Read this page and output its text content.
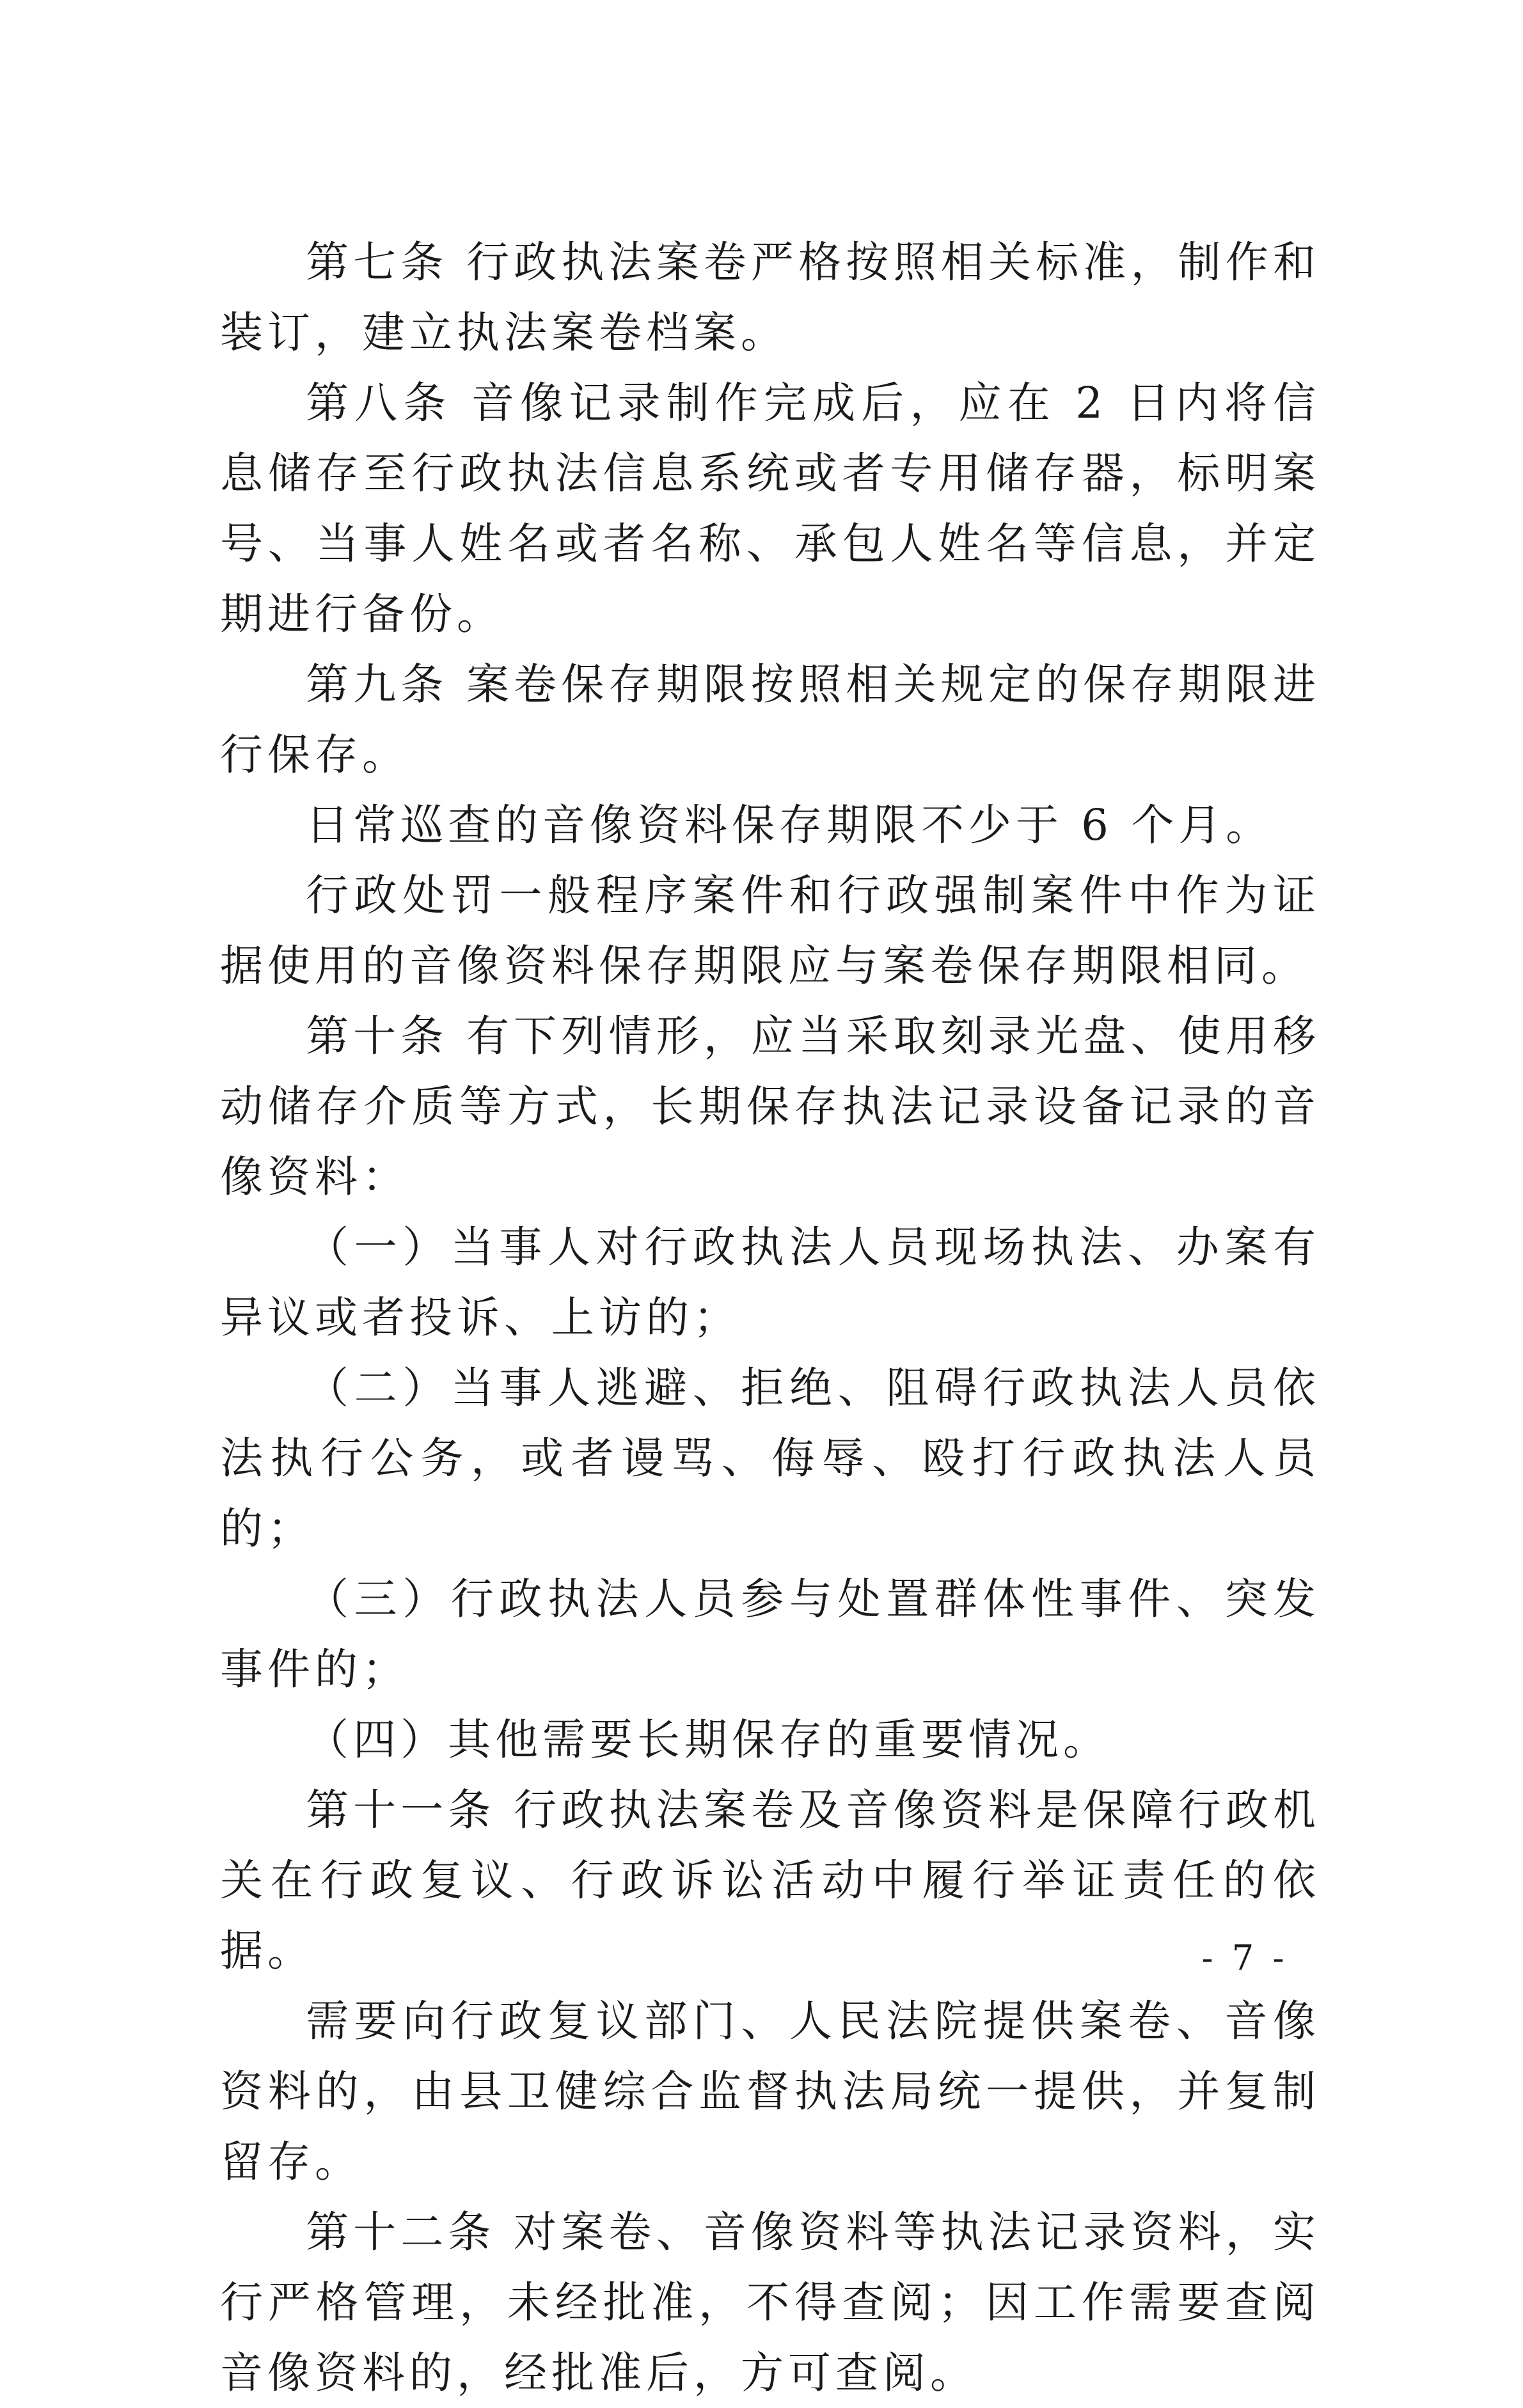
第七条 行政执法案卷严格按照相关标准，制作和装订，建立执法案卷档案。

第八条 音像记录制作完成后，应在 2 日内将信息储存至行政执法信息系统或者专用储存器，标明案号、当事人姓名或者名称、承包人姓名等信息，并定期进行备份。

第九条 案卷保存期限按照相关规定的保存期限进行保存。

日常巡查的音像资料保存期限不少于 6 个月。

行政处罚一般程序案件和行政强制案件中作为证据使用的音像资料保存期限应与案卷保存期限相同。

第十条 有下列情形，应当采取刻录光盘、使用移动储存介质等方式，长期保存执法记录设备记录的音像资料：

（一）当事人对行政执法人员现场执法、办案有异议或者投诉、上访的；

（二）当事人逃避、拒绝、阻碍行政执法人员依法执行公务，或者谩骂、侮辱、殴打行政执法人员的；

（三）行政执法人员参与处置群体性事件、突发事件的；

（四）其他需要长期保存的重要情况。

第十一条 行政执法案卷及音像资料是保障行政机关在行政复议、行政诉讼活动中履行举证责任的依据。

需要向行政复议部门、人民法院提供案卷、音像资料的，由县卫健综合监督执法局统一提供，并复制留存。

第十二条 对案卷、音像资料等执法记录资料，实行严格管理，未经批准，不得查阅；因工作需要查阅音像资料的，经批准后，方可查阅。

- 7 -
